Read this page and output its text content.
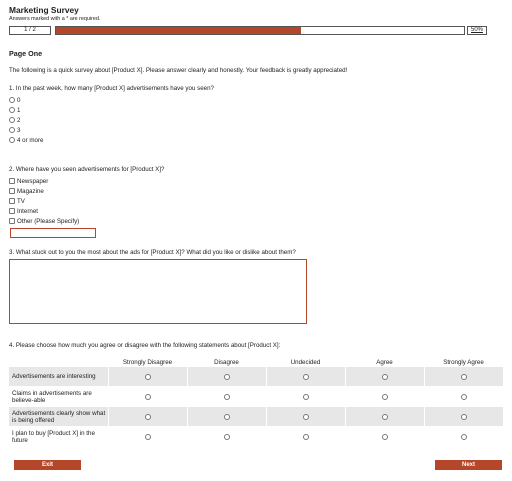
Marketing Survey
Answers marked with a * are required.
1 / 2	50%
Page One
The following is a quick survey about [Product X]. Please answer clearly and honestly. Your feedback is greatly appreciated!
1. In the past week, how many [Product X] advertisements have you seen?
0
1
2
3
4 or more
2. Where have you seen advertisements for [Product X]?
Newspaper
Magazine
TV
Internet
Other (Please Specify)
3. What stuck out to you the most about the ads for [Product X]? What did you like or dislike about them?
4. Please choose how much you agree or disagree with the following statements about [Product X]:
Strongly Disagree	Disagree	Undecided	Agree	Strongly Agree
Advertisements are interesting
Claims in advertisements are believe-able
Advertisements clearly show what is being offered
I plan to buy [Product X] in the future
Exit	Next
